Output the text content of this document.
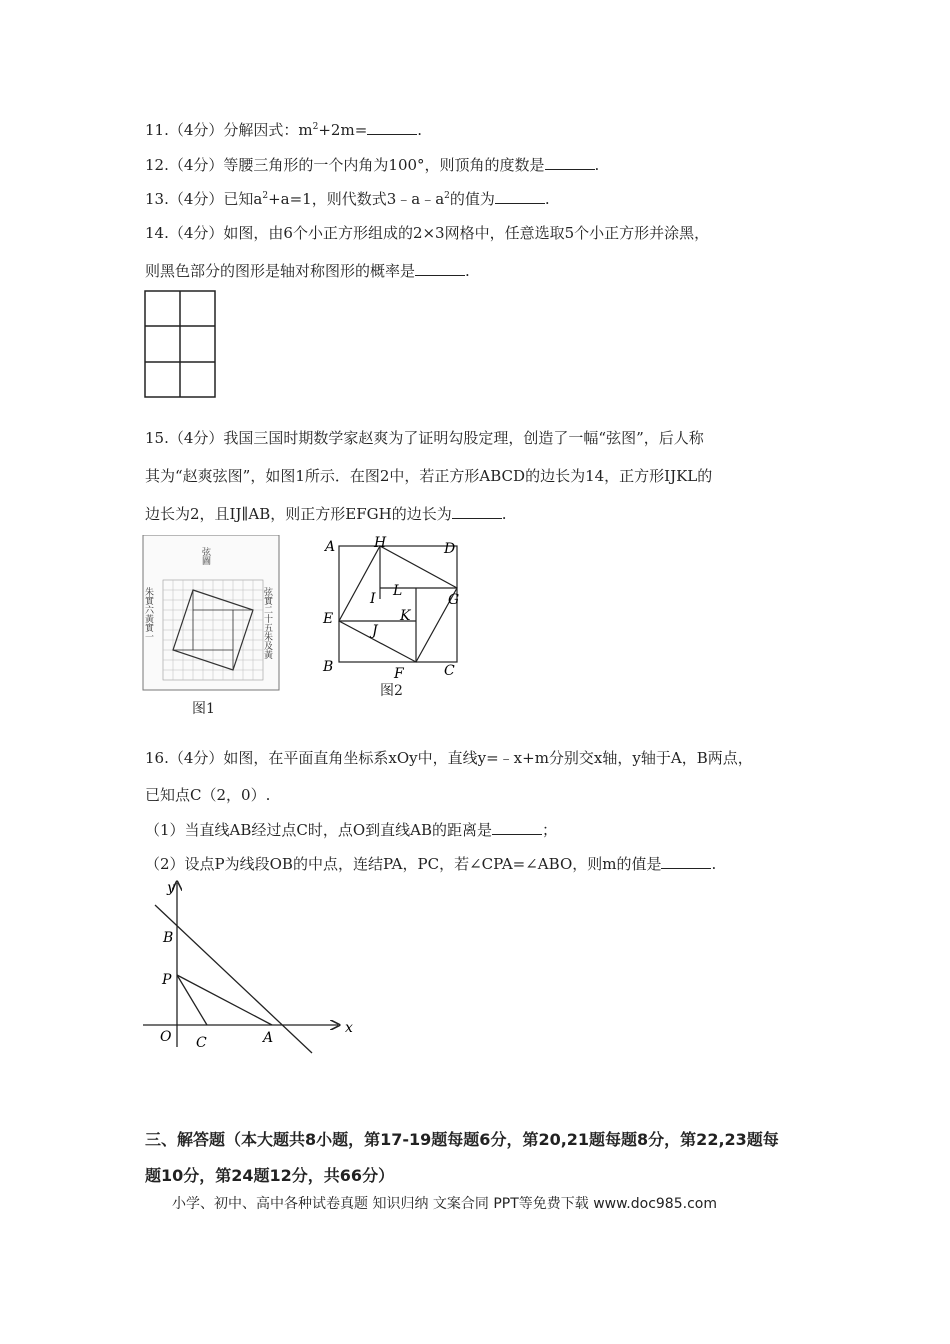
11.（4分）分解因式：$m^2+2m=$	.
12.（4分）等腰三角形的一个内角为100°，则顶角的度数是	.
13.（4分）已知$a^2+a=1$，则代数式$3﹣a﹣a^2$的值为	.
14.（4分）如图，由6个小正方形组成的2×3网格中，任意选取5个小正方形并涂黑，
则黑色部分的图形是轴对称图形的概率是	.
15.（4分）我国三国时期数学家赵爽为了证明勾股定理，创造了一幅“弦图”，后人称
其为“赵爽弦图”，如图1所示．在图2中，若正方形ABCD的边长为14，正方形IJKL的
边长为2，且IJ∥AB，则正方形EFGH的边长为	.
弦圖
朱實六黃實一	弦實二十五朱及黃
图1
A	H	D
E
G
B	F	C
I L
K
J
图2
16.（4分）如图，在平面直角坐标系xOy中，直线y=﹣x+m分别交x轴，y轴于A，B两点，
已知点C（2，0）.
（1）当直线AB经过点C时，点O到直线AB的距离是	；
（2）设点P为线段OB的中点，连结PA，PC，若∠CPA=∠ABO，则m的值是	.
y
x
O
B
P
C	A
三、解答题（本大题共8小题，第17-19题每题6分，第20,21题每题8分，第22,23题每
题10分，第24题12分，共66分）
小学、初中、高中各种试卷真题 知识归纳 文案合同 PPT等免费下载 www.doc985.com
